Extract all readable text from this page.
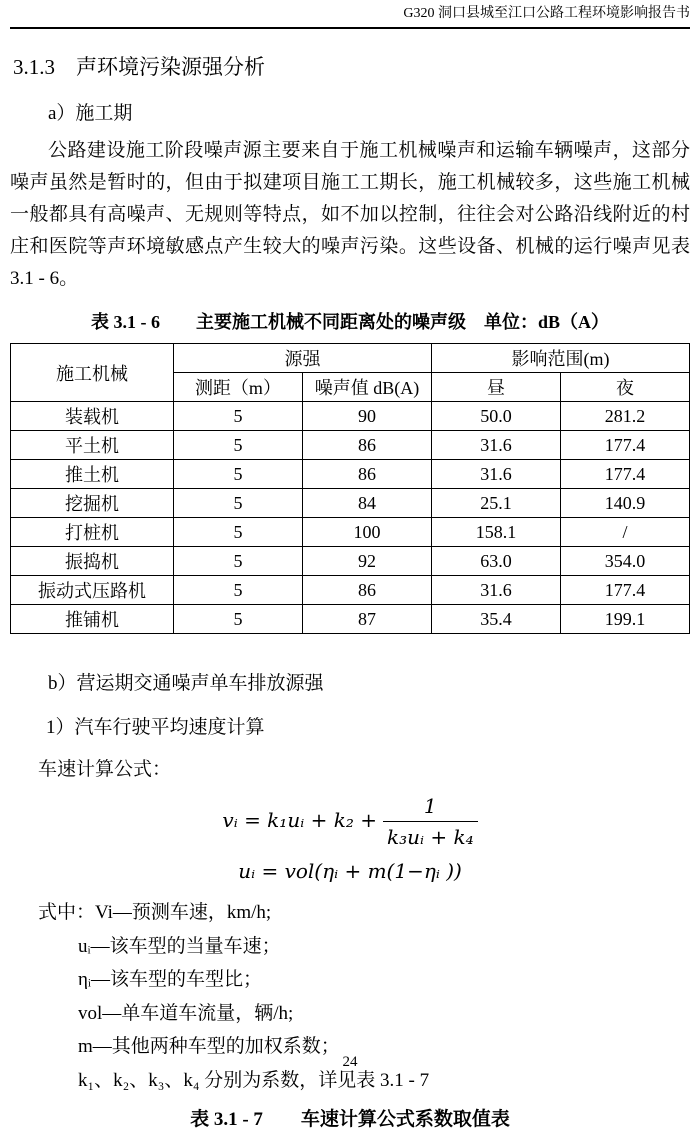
G320 洞口县城至江口公路工程环境影响报告书
3.1.3　声环境污染源强分析
a）施工期
公路建设施工阶段噪声源主要来自于施工机械噪声和运输车辆噪声，这部分噪声虽然是暂时的，但由于拟建项目施工工期长，施工机械较多，这些施工机械一般都具有高噪声、无规则等特点，如不加以控制，往往会对公路沿线附近的村庄和医院等声环境敏感点产生较大的噪声污染。这些设备、机械的运行噪声见表 3.1 - 6。
表 3.1 - 6　　主要施工机械不同距离处的噪声级　单位：dB（A）
施工机械	源强		影响范围(m)	
	测距（m）	噪声值 dB(A)	昼	夜
装载机	5	90	50.0	281.2
平土机	5	86	31.6	177.4
推土机	5	86	31.6	177.4
挖掘机	5	84	25.1	140.9
打桩机	5	100	158.1	/
振捣机	5	92	63.0	354.0
振动式压路机	5	86	31.6	177.4
推铺机	5	87	35.4	199.1
b）营运期交通噪声单车排放源强
1）汽车行驶平均速度计算
车速计算公式：
vᵢ = k₁uᵢ + $k_2 + \frac{1}{\text{k₃uᵢ + k₄}}$
uᵢ = vol(ηᵢ + m(1−ηᵢ ))
式中：Vi—预测车速，km/h;
uᵢ—该车型的当量车速；
ηᵢ—该车型的车型比；
vol—单车道车流量，辆/h;
m—其他两种车型的加权系数；
k₁、k₂、k₃、k₄ 分别为系数，详见表 3.1 - 7
表 3.1 - 7　　车速计算公式系数取值表
24
